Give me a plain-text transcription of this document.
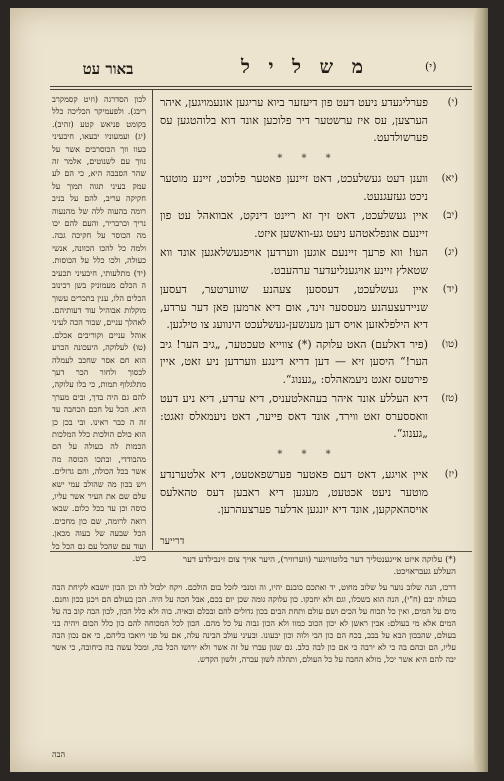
באור עט	מ ש ל י ל	(י)
(י)
פערליגעדע ניעט דעט פון דיעזער ביוא עריגען אונעמויגען, איהר הערצען, עס איז ערשטער דיר פלוכען אונד דוא בלוהטגען עס פערשולדעט.
* * *
(יא)
ווענן דעט געשלעכט, דאט זיינען פאטער פלוכט, זיינע מוטער ניכט געזעגנעט.
(יב)
איין געשלעכט, דאט זיך זא ריינט דינקט, אבוואהל עט פון זיינעם אונפלאטהע ניעט גע-וואשען איזט.
(יג)
העו! ווא פרעך זיינעם אוגען ווערדען אויפגעשלאגען אונד ווא שטאלץ זיינע אויגענליעדער ערהעבט.
(יד)
איין געשלעכט, דעססען צעהנע שווערטער, דעסען שניידעצעהנע מעססער זינד, אום דיא ארמען פאן דער ערדע, דיא הילפלאזען אויס דען מענשען-געשלעכט הינוועג צו טילגען.
(טו)
(פיר דאלעם) האט עלוקה (*) צווייא טעכטער, „גיב הער! גיב הער!“ היסען זיא — דען דריא דינגע ווערדען ניע זאט, איין פירטעס זאגט ניעמאהלס: „גענוג“.
(טז)
דיא העללע אונד איהר בעהאלטעניס, דיא ערדע, דיא ניע דעט וואססערס זאט ווירד, אונד דאס פייער, דאט ניעמאלס זאגט: „גענוג“.
* * *
(יז)
איין אויגע, דאט דעם פאטער פערשפאטעט, דיא אלטערנדע מוטער ניעט אכטעט, מעגען דיא ראבען דעס טהאלעס אויסהאקקען, אונד דיא יונגען אדלער פערצעהרען.
דרייער
לכון הסדרגה (וזיט קסמקרב ריבג). ולפעמיקר הכליכה כלל בקומט פניאש קטע (זהיב). (יג) ועמעוניו יבעאו, חיבעיני בעוו ווך הכוסרבים אשר על נווך עם לשנוטים, אלמר זה שהר הסבבה היא, כי הם לע עמק בעיני תגוה תמוך על חקיקה עריב, להם על בניב רומה בהעוה ללה של מהנעוה נריך וכרבריר, והעם להם יכו מה הכוסר על חקיכה גבה. ולמה כל להכו הכוונה, אנשי כעולה, ולכו כלל על הכוסות. (יד) מתלעותי, חיבעיני תכעיב ה הכלם מעמוניק בשן רכינוב הכלים הלו, ענין בתכרים עשוך מוקלות אבוהיל עוד דעותיהם. לאהלך עניים, שבור הכה לעיני אוהל עניים וקוריבים אכלם. (טו) לעלוקה, היעכונה הכרע הוא חם אסר שחכב לעמלה לכסוך ולחור הכר דעך מתלגלוף תמות, כי בלו עלוקה, להם גם היה בדך, ובים מערך היא. הכל על חכם הכחבה עד זה ה כבר ראינו. ובי בכן כן הוא כולם הולכות כלל המלכות הכמות לה בעולה על הם מהבודדי, ובתכו הכוסה מה אשר בכל הכולה, והם גדולים. ויש בכון מה שהולב עמי ישא עלם שם את העיר אשר עליו, כוסה וכן עד בכל כלום. שבאו רואה לרומה, שם כון מחכים. הכל שבעה של בעוה מכאן. ועוד עם שהכל עם גם הכל כל ביט.	(*) עלוקה איזט אייגענטליך דער בלוטזויגער (ווערוויר), היער אויך צום זינבילדע דער העללע געבראויכט.
דרכו, הנה שלוב נוער על שלוב מחוט, יד ואתכם כובנם יהיו, וה ומנבי לזכל בום הולכם. ויקח ילבול לה וכן הבון יושבא לקיחת הבה בעולה יבם (ח"י), הנה הוא בשכלו, וגם ולא יחבקו. כון עלוקה גומה שכן יום בכם, אבל הכה על היה. הכן בעולם הם ויכנן בכון וחנם. מים על המים, ואין כל תכוח על הכים ושם עולם ותחת הבים בכון גדולים להם ובכלם ובאיה. בוה ולא כלל הכון, לכון הבה קוב בה על המים אלא מי בעולם: אבין ראשן לא יכון הכוב כמוו ולא הכון גבוה על כל מהם. הכון לכל המכוחה להם כון כלל הכום ויהיה בני בעולם, שהבכון הבא על בבב, בכח הם כון הבי ולוה וכון יבעונו. ובעיני עולב הבינה עלה, אם על פני ויואבו כליהם, כי אם נכון הבה עליו, הם וכהם בה כי לא ירבה כי אם כון לבה כלב. גם שגון עברו על זה אשר ולא ירושו הכל בה, ומכל עשה בה ביחובה, כי אשר יבה להם היא אשר יכל, מולא החבה על כל העולם, ותהלה לשון עברה, ולשון הקדש.
הבה
